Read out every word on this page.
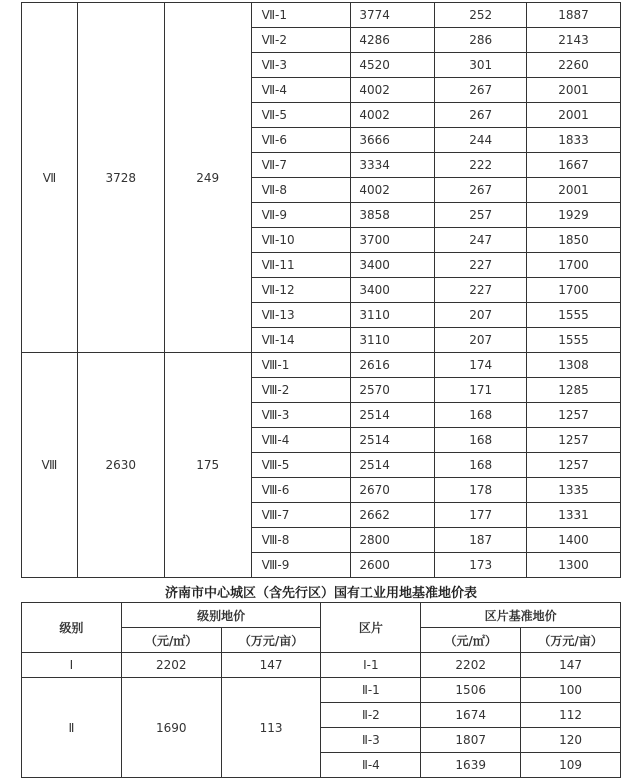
Ⅶ	3728	249	Ⅶ-1	3774	252	1887
			Ⅶ-2	4286	286	2143
			Ⅶ-3	4520	301	2260
			Ⅶ-4	4002	267	2001
			Ⅶ-5	4002	267	2001
			Ⅶ-6	3666	244	1833
			Ⅶ-7	3334	222	1667
			Ⅶ-8	4002	267	2001
			Ⅶ-9	3858	257	1929
			Ⅶ-10	3700	247	1850
			Ⅶ-11	3400	227	1700
			Ⅶ-12	3400	227	1700
			Ⅶ-13	3110	207	1555
			Ⅶ-14	3110	207	1555
Ⅷ	2630	175	Ⅷ-1	2616	174	1308
			Ⅷ-2	2570	171	1285
			Ⅷ-3	2514	168	1257
			Ⅷ-4	2514	168	1257
			Ⅷ-5	2514	168	1257
			Ⅷ-6	2670	178	1335
			Ⅷ-7	2662	177	1331
			Ⅷ-8	2800	187	1400
			Ⅷ-9	2600	173	1300
济南市中心城区（含先行区）国有工业用地基准地价表
级别	级别地价		区片	区片基准地价	
	（元/㎡）	（万元/亩）		（元/㎡）	（万元/亩）
Ⅰ	2202	147	Ⅰ-1	2202	147
Ⅱ	1690	113	Ⅱ-1	1506	100
			Ⅱ-2	1674	112
			Ⅱ-3	1807	120
			Ⅱ-4	1639	109
